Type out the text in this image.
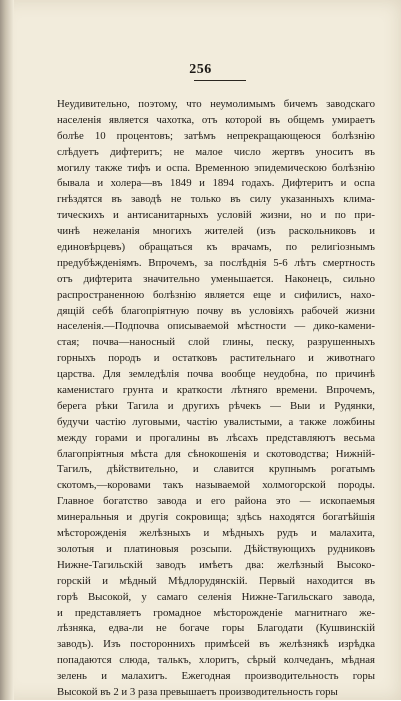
256
Неудивительно, поэтому, что неумолимымъ бичемъ заводскаго
населенія является чахотка, отъ которой въ общемъ умираетъ
болѣе 10 процентовъ; затѣмъ непрекращающеюся болѣзнію
слѣдуетъ дифтеритъ; не малое число жертвъ уноситъ въ
могилу также тифъ и оспа. Временною эпидемическою болѣзнію
бывала и холера—въ 1849 и 1894 годахъ. Дифтеритъ и оспа
гнѣздятся въ заводѣ не только въ силу указанныхъ клима-
тическихъ и антисанитарныхъ условій жизни, но и по при-
чинѣ нежеланія многихъ жителей (изъ раскольниковъ и
единовѣрцевъ) обращаться къ врачамъ, по религіознымъ
предубѣжденіямъ. Впрочемъ, за послѣднія 5-6 лѣтъ смертность
отъ дифтерита значительно уменьшается. Наконецъ, сильно
распространенною болѣзнію является еще и сифилисъ, нахо-
дящій себѣ благопріятную почву въ условіяхъ рабочей жизни
населенія.—Подпочва описываемой мѣстности — дико-камени-
стая; почва—наносный слой глины, песку, разрушенныхъ
горныхъ породъ и остатковъ растительнаго и животнаго
царства. Для земледѣлія почва вообще неудобна, по причинѣ
каменистаго грунта и краткости лѣтняго времени. Впрочемъ,
берега рѣки Тагила и другихъ рѣчекъ — Выи и Рудянки,
будучи частію луговыми, частію увалистыми, а также ложбины
между горами и прогалины въ лѣсахъ представляютъ весьма
благопріятныя мѣста для сѣнокошенія и скотоводства; Нижній-
Тагилъ, дѣйствительно, и славится крупнымъ рогатымъ
скотомъ,—коровами такъ называемой холмогорской породы.
Главное богатство завода и его района это — ископаемыя
минеральныя и другія сокровища; здѣсь находятся богатѣйшія
мѣсторожденія желѣзныхъ и мѣдныхъ рудъ и малахита,
золотыя и платиновыя розсыпи. Дѣйствующихъ рудниковъ
Нижне-Тагильскій заводъ имѣетъ два: желѣзный Высоко-
горскій и мѣдный Мѣдлорудянскій. Первый находится въ
горѣ Высокой, у самаго селенія Нижне-Тагильскаго завода,
и представляетъ громадное мѣсторожденіе магнитнаго же-
лѣзняка, едва-ли не богаче горы Благодати (Кушвинскій
заводъ). Изъ постороннихъ примѣсей въ желѣзнякѣ изрѣдка
попадаются слюда, талькъ, хлоритъ, сѣрый колчеданъ, мѣдная
зелень и малахитъ. Ежегодная производительность горы
Высокой въ 2 и 3 раза превышаетъ производительность горы
